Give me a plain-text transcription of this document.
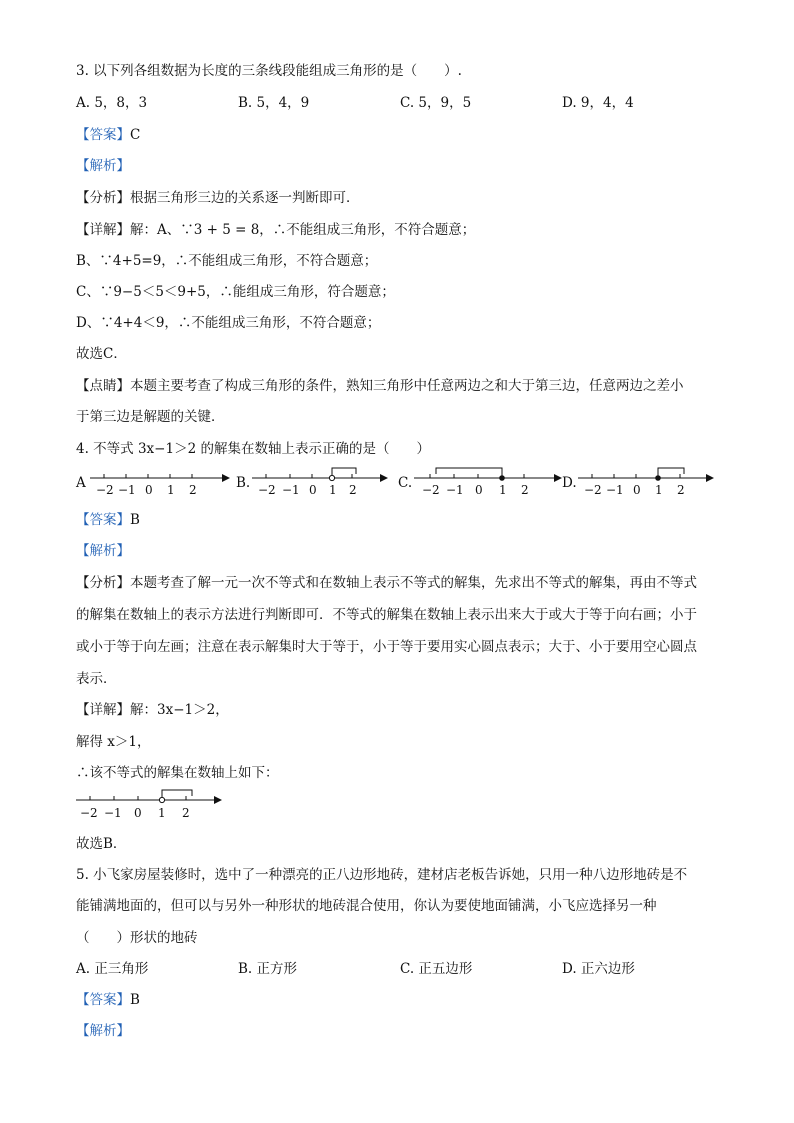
3. 以下列各组数据为长度的三条线段能组成三角形的是（　　）.
A. 5，8，3	B. 5，4，9	C. 5，9，5	D. 9，4，4
【答案】C
【解析】
【分析】根据三角形三边的关系逐一判断即可．
【详解】解：A、∵3 + 5 = 8，∴不能组成三角形，不符合题意；
B、∵4+5=9，∴不能组成三角形，不符合题意；
C、∵9−5＜5＜9+5，∴能组成三角形，符合题意；
D、∵4+4＜9，∴不能组成三角形，不符合题意；
故选C．
【点睛】本题主要考查了构成三角形的条件，熟知三角形中任意两边之和大于第三边，任意两边之差小
于第三边是解题的关键．
4. 不等式 3x−1＞2 的解集在数轴上表示正确的是（　　）
A −2 −1 0 1 2	B. −2 −1 0 1 2	C. −2 −1 0 1 2 D. −2 −1 0 1 2
【答案】B
【解析】
【分析】本题考查了解一元一次不等式和在数轴上表示不等式的解集，先求出不等式的解集，再由不等式
的解集在数轴上的表示方法进行判断即可．不等式的解集在数轴上表示出来大于或大于等于向右画；小于
或小于等于向左画；注意在表示解集时大于等于，小于等于要用实心圆点表示；大于、小于要用空心圆点
表示．
【详解】解：3x−1＞2，
解得 x＞1，
∴该不等式的解集在数轴上如下：
−2 −1 0 1 2
故选B．
5. 小飞家房屋装修时，选中了一种漂亮的正八边形地砖，建材店老板告诉她，只用一种八边形地砖是不
能铺满地面的，但可以与另外一种形状的地砖混合使用，你认为要使地面铺满，小飞应选择另一种
（　　）形状的地砖
A. 正三角形	B. 正方形	C. 正五边形	D. 正六边形
【答案】B
【解析】
